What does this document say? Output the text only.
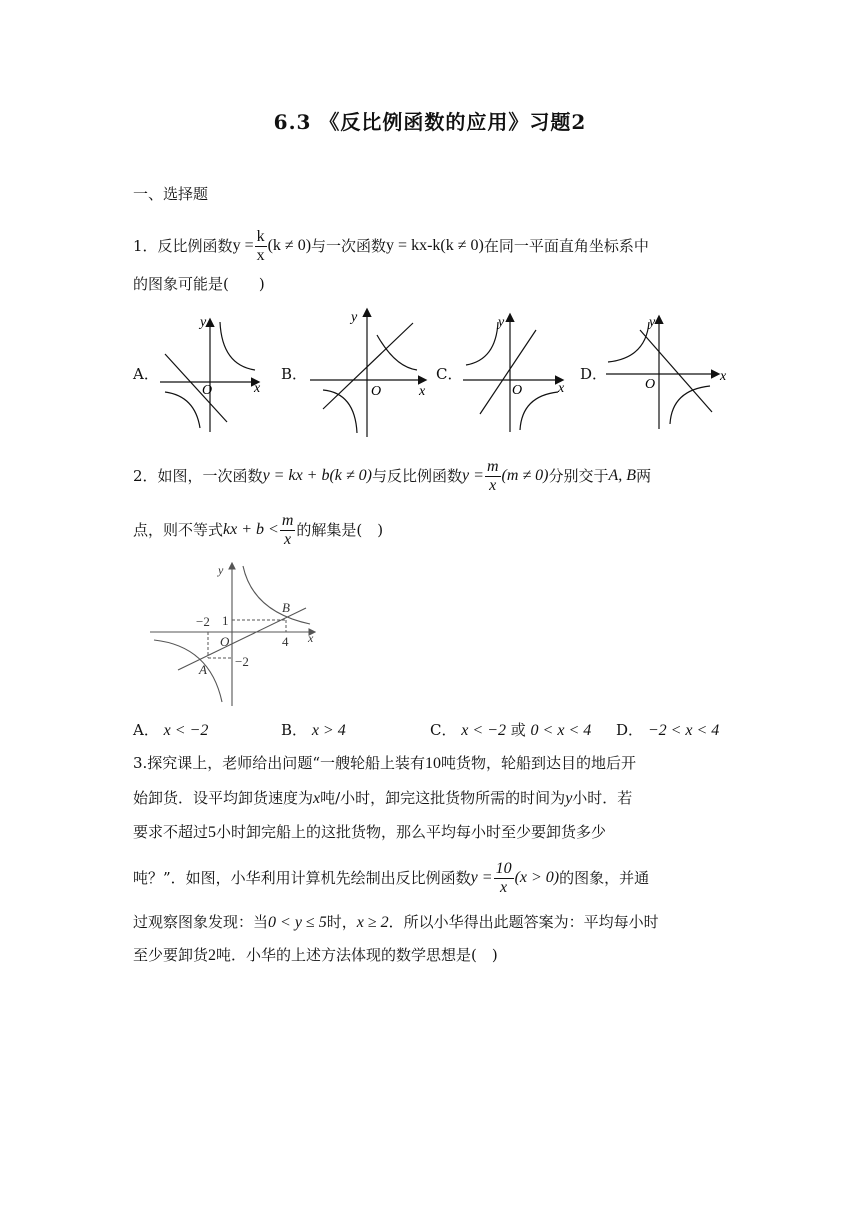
6.3 《反比例函数的应用》习题2
一、选择题
1． 反比例函数 $y = \frac{k}{x} (k \ne 0)$ 与一次函数 y = kx-k (k ≠ 0) 在同一平面直角坐标系中
的图象可能是(　　)
A．	B．	C．	D．
y
x
O
y
x
O
y
x
O
y
x
O
2． 如图，一次函数 y = kx + b (k ≠ 0) 与反比例函数 $y = \frac{m}{x} (m \ne 0)$ 分别交于 A, B 两
点，则不等式 kx + $b < \frac{m}{x}$ 的解集是(　)
y
x
O
−2 1
4
−2
A
B
A． x < −2	B． x > 4	C． x < −2 或 0 < x < 4 D． −2 < x < 4
3.探究课上，老师给出问题“一艘轮船上装有10吨货物，轮船到达目的地后开
始卸货．设平均卸货速度为x吨/小时，卸完这批货物所需的时间为y小时．若
要求不超过5小时卸完船上的这批货物，那么平均每小时至少要卸货多少
吨？”．如图，小华利用计算机先绘制出反比例函数 $y = \frac{10}{x} (x > 0)$ 的图象，并通
过观察图象发现：当0 < y ≤ 5时，x ≥ 2．所以小华得出此题答案为：平均每小时
至少要卸货2吨．小华的上述方法体现的数学思想是(　)
